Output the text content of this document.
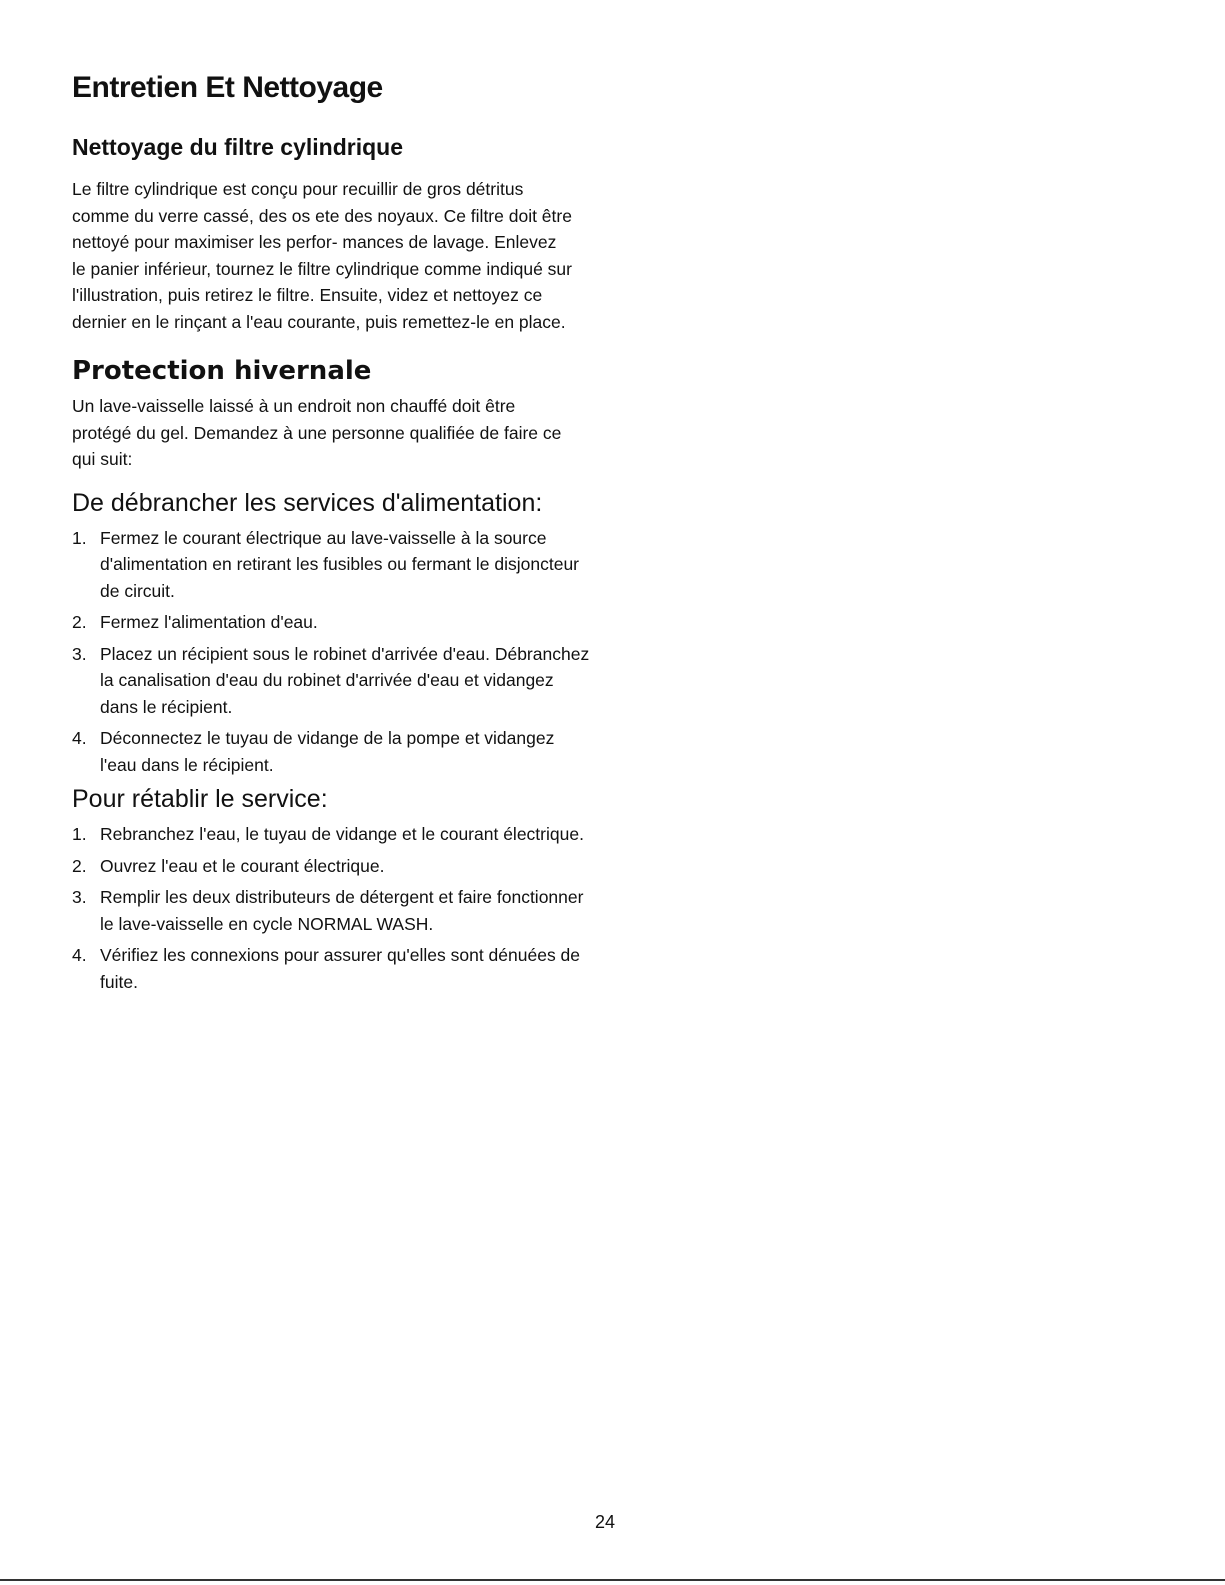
Entretien Et Nettoyage
Nettoyage du filtre cylindrique

Le filtre cylindrique est conçu pour recuillir de gros détritus comme du verre cassé, des os ete des noyaux. Ce filtre doit être nettoyé pour maximiser les perfor- mances de lavage. Enlevez le panier inférieur, tournez le filtre cylindrique comme indiqué sur l'illustration, puis retirez le filtre. Ensuite, videz et nettoyez ce dernier en le rinçant a l'eau courante, puis remettez-le en place.

Protection hivernale

Un lave-vaisselle laissé à un endroit non chauffé doit être protégé du gel. Demandez à une personne qualifiée de faire ce qui suit:

De débrancher les services d'alimentation:
1. Fermez le courant électrique au lave-vaisselle à la source d'alimentation en retirant les fusibles ou fermant le disjoncteur de circuit.
2. Fermez l'alimentation d'eau.
3. Placez un récipient sous le robinet d'arrivée d'eau. Débranchez la canalisation d'eau du robinet d'arrivée d'eau et vidangez dans le récipient.
4. Déconnectez le tuyau de vidange de la pompe et vidangez l'eau dans le récipient.
Pour rétablir le service:
1. Rebranchez l'eau, le tuyau de vidange et le courant électrique.
2. Ouvrez l'eau et le courant électrique.
3. Remplir les deux distributeurs de détergent et faire fonctionner le lave-vaisselle en cycle NORMAL WASH.
4. Vérifiez les connexions pour assurer qu'elles sont dénuées de fuite.
24
